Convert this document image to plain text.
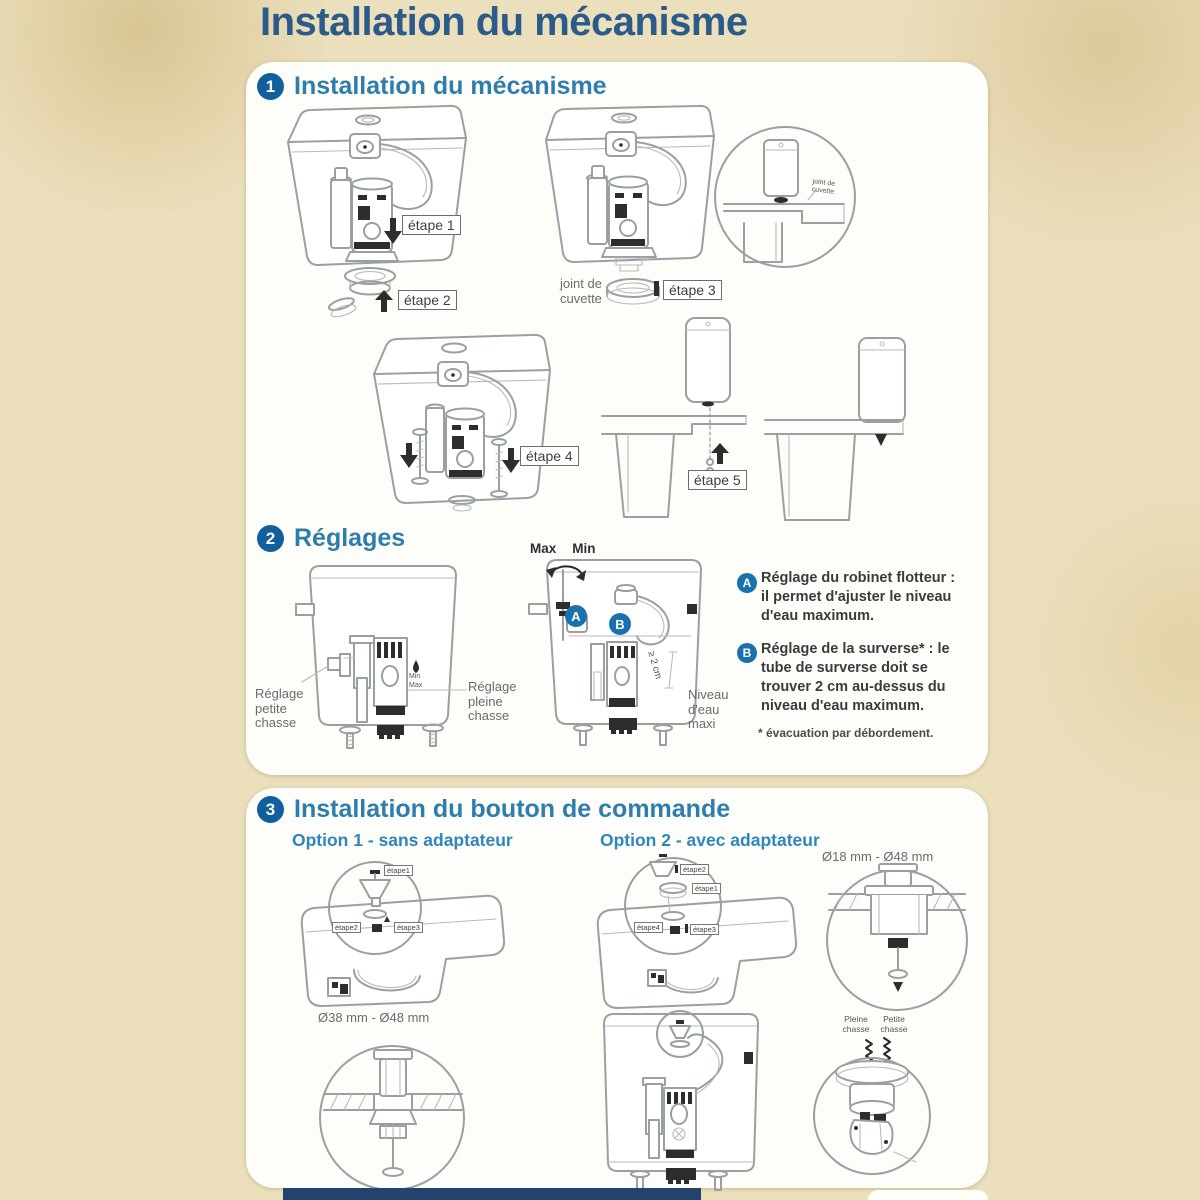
Installation du mécanisme
1 Installation du mécanisme
étape 1
étape 2
joint de cuvette
étape 3
joint de cuvette
étape 4
étape 5
2 Réglages
Min
Max
Réglage petite chasse
Réglage pleine chasse
Max Min
A
B
≥ 2 cm
Niveau d'eau maxi
A Réglage du robinet flotteur : il permet d'ajuster le niveau d'eau maximum.
B Réglage de la surverse* : le tube de surverse doit se trouver 2 cm au-dessus du niveau d'eau maximum.
* évacuation par débordement.
3 Installation du bouton de commande
Option 1 - sans adaptateur	Option 2 - avec adaptateur
étape1
étape2	étape3
Ø38 mm - Ø48 mm
étape2
étape1
étape4	étape3
Ø18 mm - Ø48 mm
Pleine chasse
Petite chasse
